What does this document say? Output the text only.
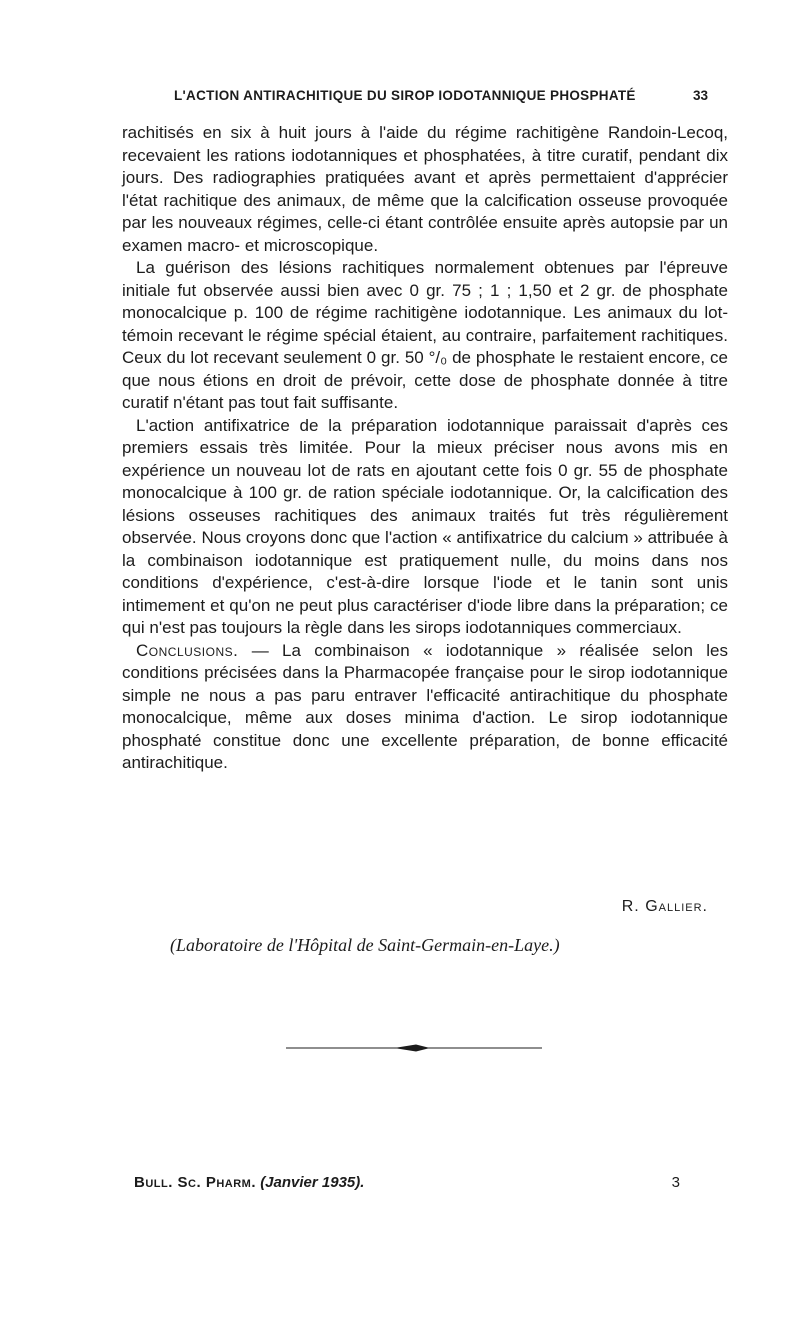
L'ACTION ANTIRACHITIQUE DU SIROP IODOTANNIQUE PHOSPHATÉ	33

rachitisés en six à huit jours à l'aide du régime rachitigène Randoin-Lecoq, recevaient les rations iodotanniques et phosphatées, à titre curatif, pendant dix jours. Des radiographies pratiquées avant et après permettaient d'apprécier l'état rachitique des animaux, de même que la calcification osseuse provoquée par les nouveaux régimes, celle-ci étant contrôlée ensuite après autopsie par un examen macro- et microscopique.

La guérison des lésions rachitiques normalement obtenues par l'épreuve initiale fut observée aussi bien avec 0 gr. 75 ; 1 ; 1,50 et 2 gr. de phosphate monocalcique p. 100 de régime rachitigène iodotannique. Les animaux du lot-témoin recevant le régime spécial étaient, au contraire, parfaitement rachitiques. Ceux du lot recevant seulement 0 gr. 50 °/₀ de phosphate le restaient encore, ce que nous étions en droit de prévoir, cette dose de phosphate donnée à titre curatif n'étant pas tout fait suffisante.

L'action antifixatrice de la préparation iodotannique paraissait d'après ces premiers essais très limitée. Pour la mieux préciser nous avons mis en expérience un nouveau lot de rats en ajoutant cette fois 0 gr. 55 de phosphate monocalcique à 100 gr. de ration spéciale iodotannique. Or, la calcification des lésions osseuses rachitiques des animaux traités fut très régulièrement observée. Nous croyons donc que l'action « antifixatrice du calcium » attribuée à la combinaison iodotannique est pratiquement nulle, du moins dans nos conditions d'expérience, c'est-à-dire lorsque l'iode et le tanin sont unis intimement et qu'on ne peut plus caractériser d'iode libre dans la préparation; ce qui n'est pas toujours la règle dans les sirops iodotanniques commerciaux.

Conclusions. — La combinaison « iodotannique » réalisée selon les conditions précisées dans la Pharmacopée française pour le sirop iodotannique simple ne nous a pas paru entraver l'efficacité antirachitique du phosphate monocalcique, même aux doses minima d'action. Le sirop iodotannique phosphaté constitue donc une excellente préparation, de bonne efficacité antirachitique.

R. Gallier.
(Laboratoire de l'Hôpital de Saint-Germain-en-Laye.)
Bull. Sc. Pharm. (Janvier 1935).	3
